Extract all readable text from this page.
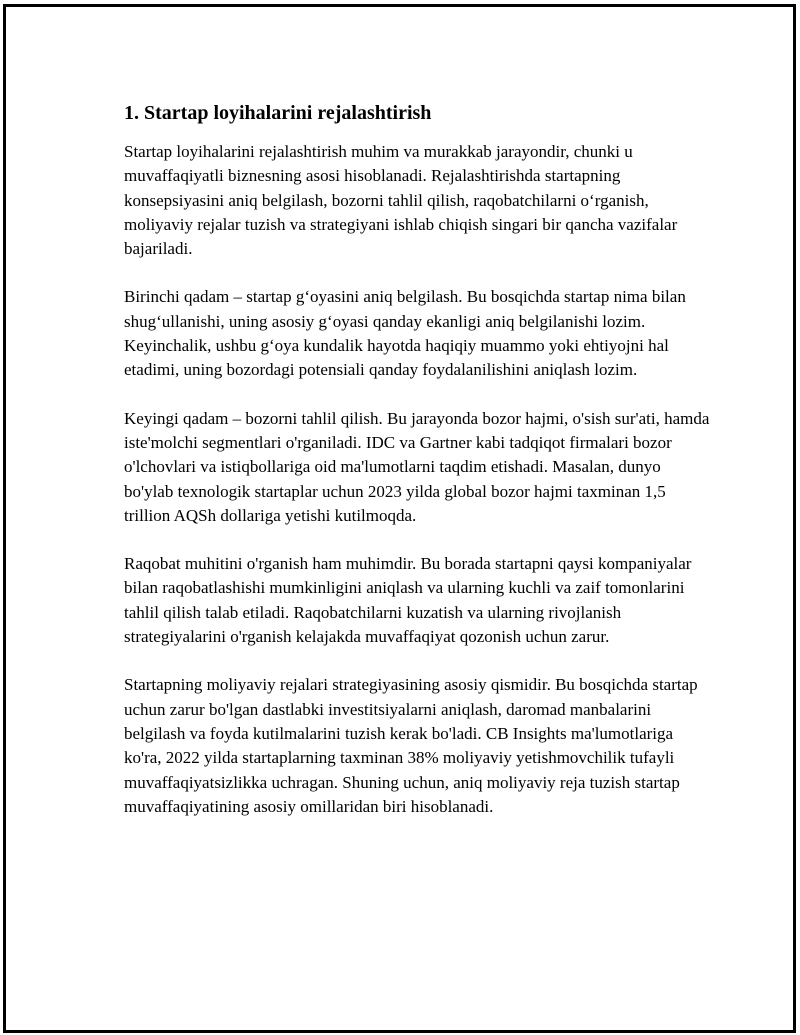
1. Startap loyihalarini rejalashtirish

Startap loyihalarini rejalashtirish muhim va murakkab jarayondir, chunki u muvaffaqiyatli biznesning asosi hisoblanadi. Rejalashtirishda startapning konsepsiyasini aniq belgilash, bozorni tahlil qilish, raqobatchilarni o‘rganish, moliyaviy rejalar tuzish va strategiyani ishlab chiqish singari bir qancha vazifalar bajariladi.

Birinchi qadam – startap g‘oyasini aniq belgilash. Bu bosqichda startap nima bilan shug‘ullanishi, uning asosiy g‘oyasi qanday ekanligi aniq belgilanishi lozim. Keyinchalik, ushbu g‘oya kundalik hayotda haqiqiy muammo yoki ehtiyojni hal etadimi, uning bozordagi potensiali qanday foydalanilishini aniqlash lozim.

Keyingi qadam – bozorni tahlil qilish. Bu jarayonda bozor hajmi, o'sish sur'ati, hamda iste'molchi segmentlari o'rganiladi. IDC va Gartner kabi tadqiqot firmalari bozor o'lchovlari va istiqbollariga oid ma'lumotlarni taqdim etishadi. Masalan, dunyo bo'ylab texnologik startaplar uchun 2023 yilda global bozor hajmi taxminan 1,5 trillion AQSh dollariga yetishi kutilmoqda.

Raqobat muhitini o'rganish ham muhimdir. Bu borada startapni qaysi kompaniyalar bilan raqobatlashishi mumkinligini aniqlash va ularning kuchli va zaif tomonlarini tahlil qilish talab etiladi. Raqobatchilarni kuzatish va ularning rivojlanish strategiyalarini o'rganish kelajakda muvaffaqiyat qozonish uchun zarur.

Startapning moliyaviy rejalari strategiyasining asosiy qismidir. Bu bosqichda startap uchun zarur bo'lgan dastlabki investitsiyalarni aniqlash, daromad manbalarini belgilash va foyda kutilmalarini tuzish kerak bo'ladi. CB Insights ma'lumotlariga ko'ra, 2022 yilda startaplarning taxminan 38% moliyaviy yetishmovchilik tufayli muvaffaqiyatsizlikka uchragan. Shuning uchun, aniq moliyaviy reja tuzish startap muvaffaqiyatining asosiy omillaridan biri hisoblanadi.
